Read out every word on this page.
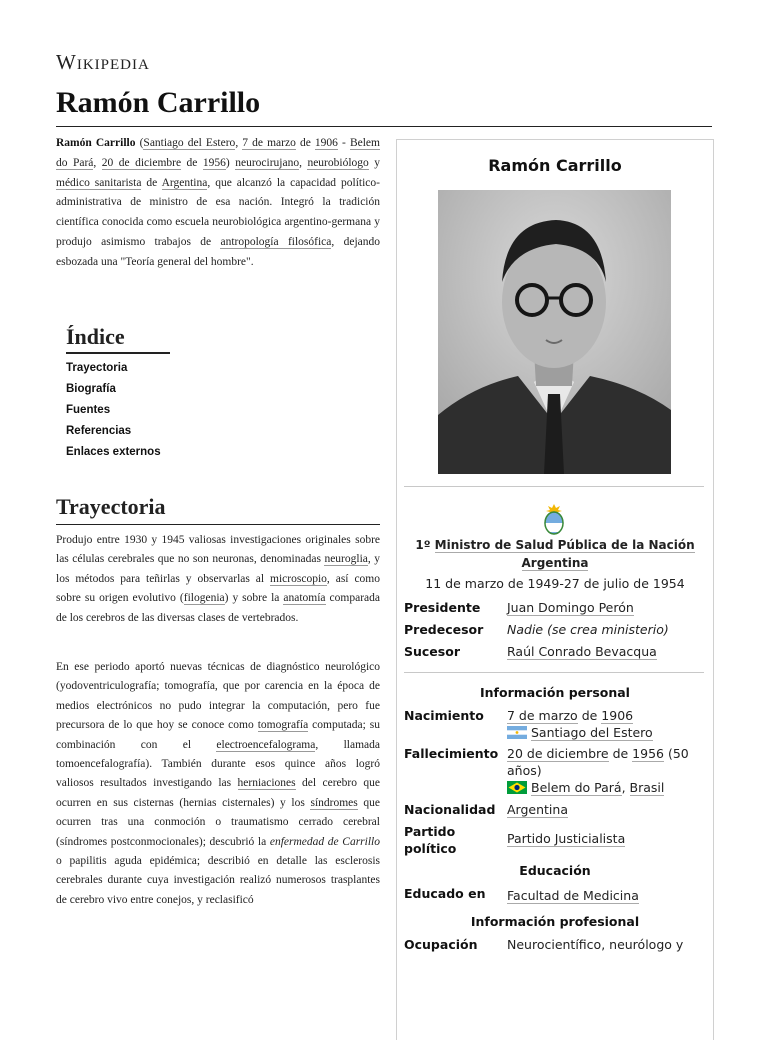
Wikipedia
Ramón Carrillo

Ramón Carrillo (Santiago del Estero, 7 de marzo de 1906 - Belem do Pará, 20 de diciembre de 1956) neurocirujano, neurobiólogo y médico sanitarista de Argentina, que alcanzó la capacidad político-administrativa de ministro de esa nación. Integró la tradición científica conocida como escuela neurobiológica argentino-germana y produjo asimismo trabajos de antropología filosófica, dejando esbozada una "Teoría general del hombre".

Índice
Trayectoria
Biografía
Fuentes
Referencias
Enlaces externos
Trayectoria

Produjo entre 1930 y 1945 valiosas investigaciones originales sobre las células cerebrales que no son neuronas, denominadas neuroglia, y los métodos para teñirlas y observarlas al microscopio, así como sobre su origen evolutivo (filogenia) y sobre la anatomía comparada de los cerebros de las diversas clases de vertebrados.

En ese periodo aportó nuevas técnicas de diagnóstico neurológico (yodoventriculografía; tomografía, que por carencia en la época de medios electrónicos no pudo integrar la computación, pero fue precursora de lo que hoy se conoce como tomografía computada; su combinación con el electroencefalograma, llamada tomoencefalografía). También durante esos quince años logró valiosos resultados investigando las herniaciones del cerebro que ocurren en sus cisternas (hernias cisternales) y los síndromes que ocurren tras una conmoción o traumatismo cerrado cerebral (síndromes postconmocionales); descubrió la enfermedad de Carrillo o papilitis aguda epidémica; describió en detalle las esclerosis cerebrales durante cuya investigación realizó numerosos trasplantes de cerebro vivo entre conejos, y reclasificó

Ramón Carrillo
1º Ministro de Salud Pública de la Nación Argentina
11 de marzo de 1949-27 de julio de 1954
Presidente	Juan Domingo Perón
Predecesor	Nadie (se crea ministerio)
Sucesor	Raúl Conrado Bevacqua
Información personal
Nacimiento	7 de marzo de 1906
Santiago del Estero
Fallecimiento 20 de diciembre de 1956 (50 años)
Belem do Pará, Brasil
Nacionalidad Argentina
Partido político
Partido Justicialista
Educación
Educado en	Facultad de Medicina
Información profesional
Ocupación	Neurocientífico, neurólogo y
